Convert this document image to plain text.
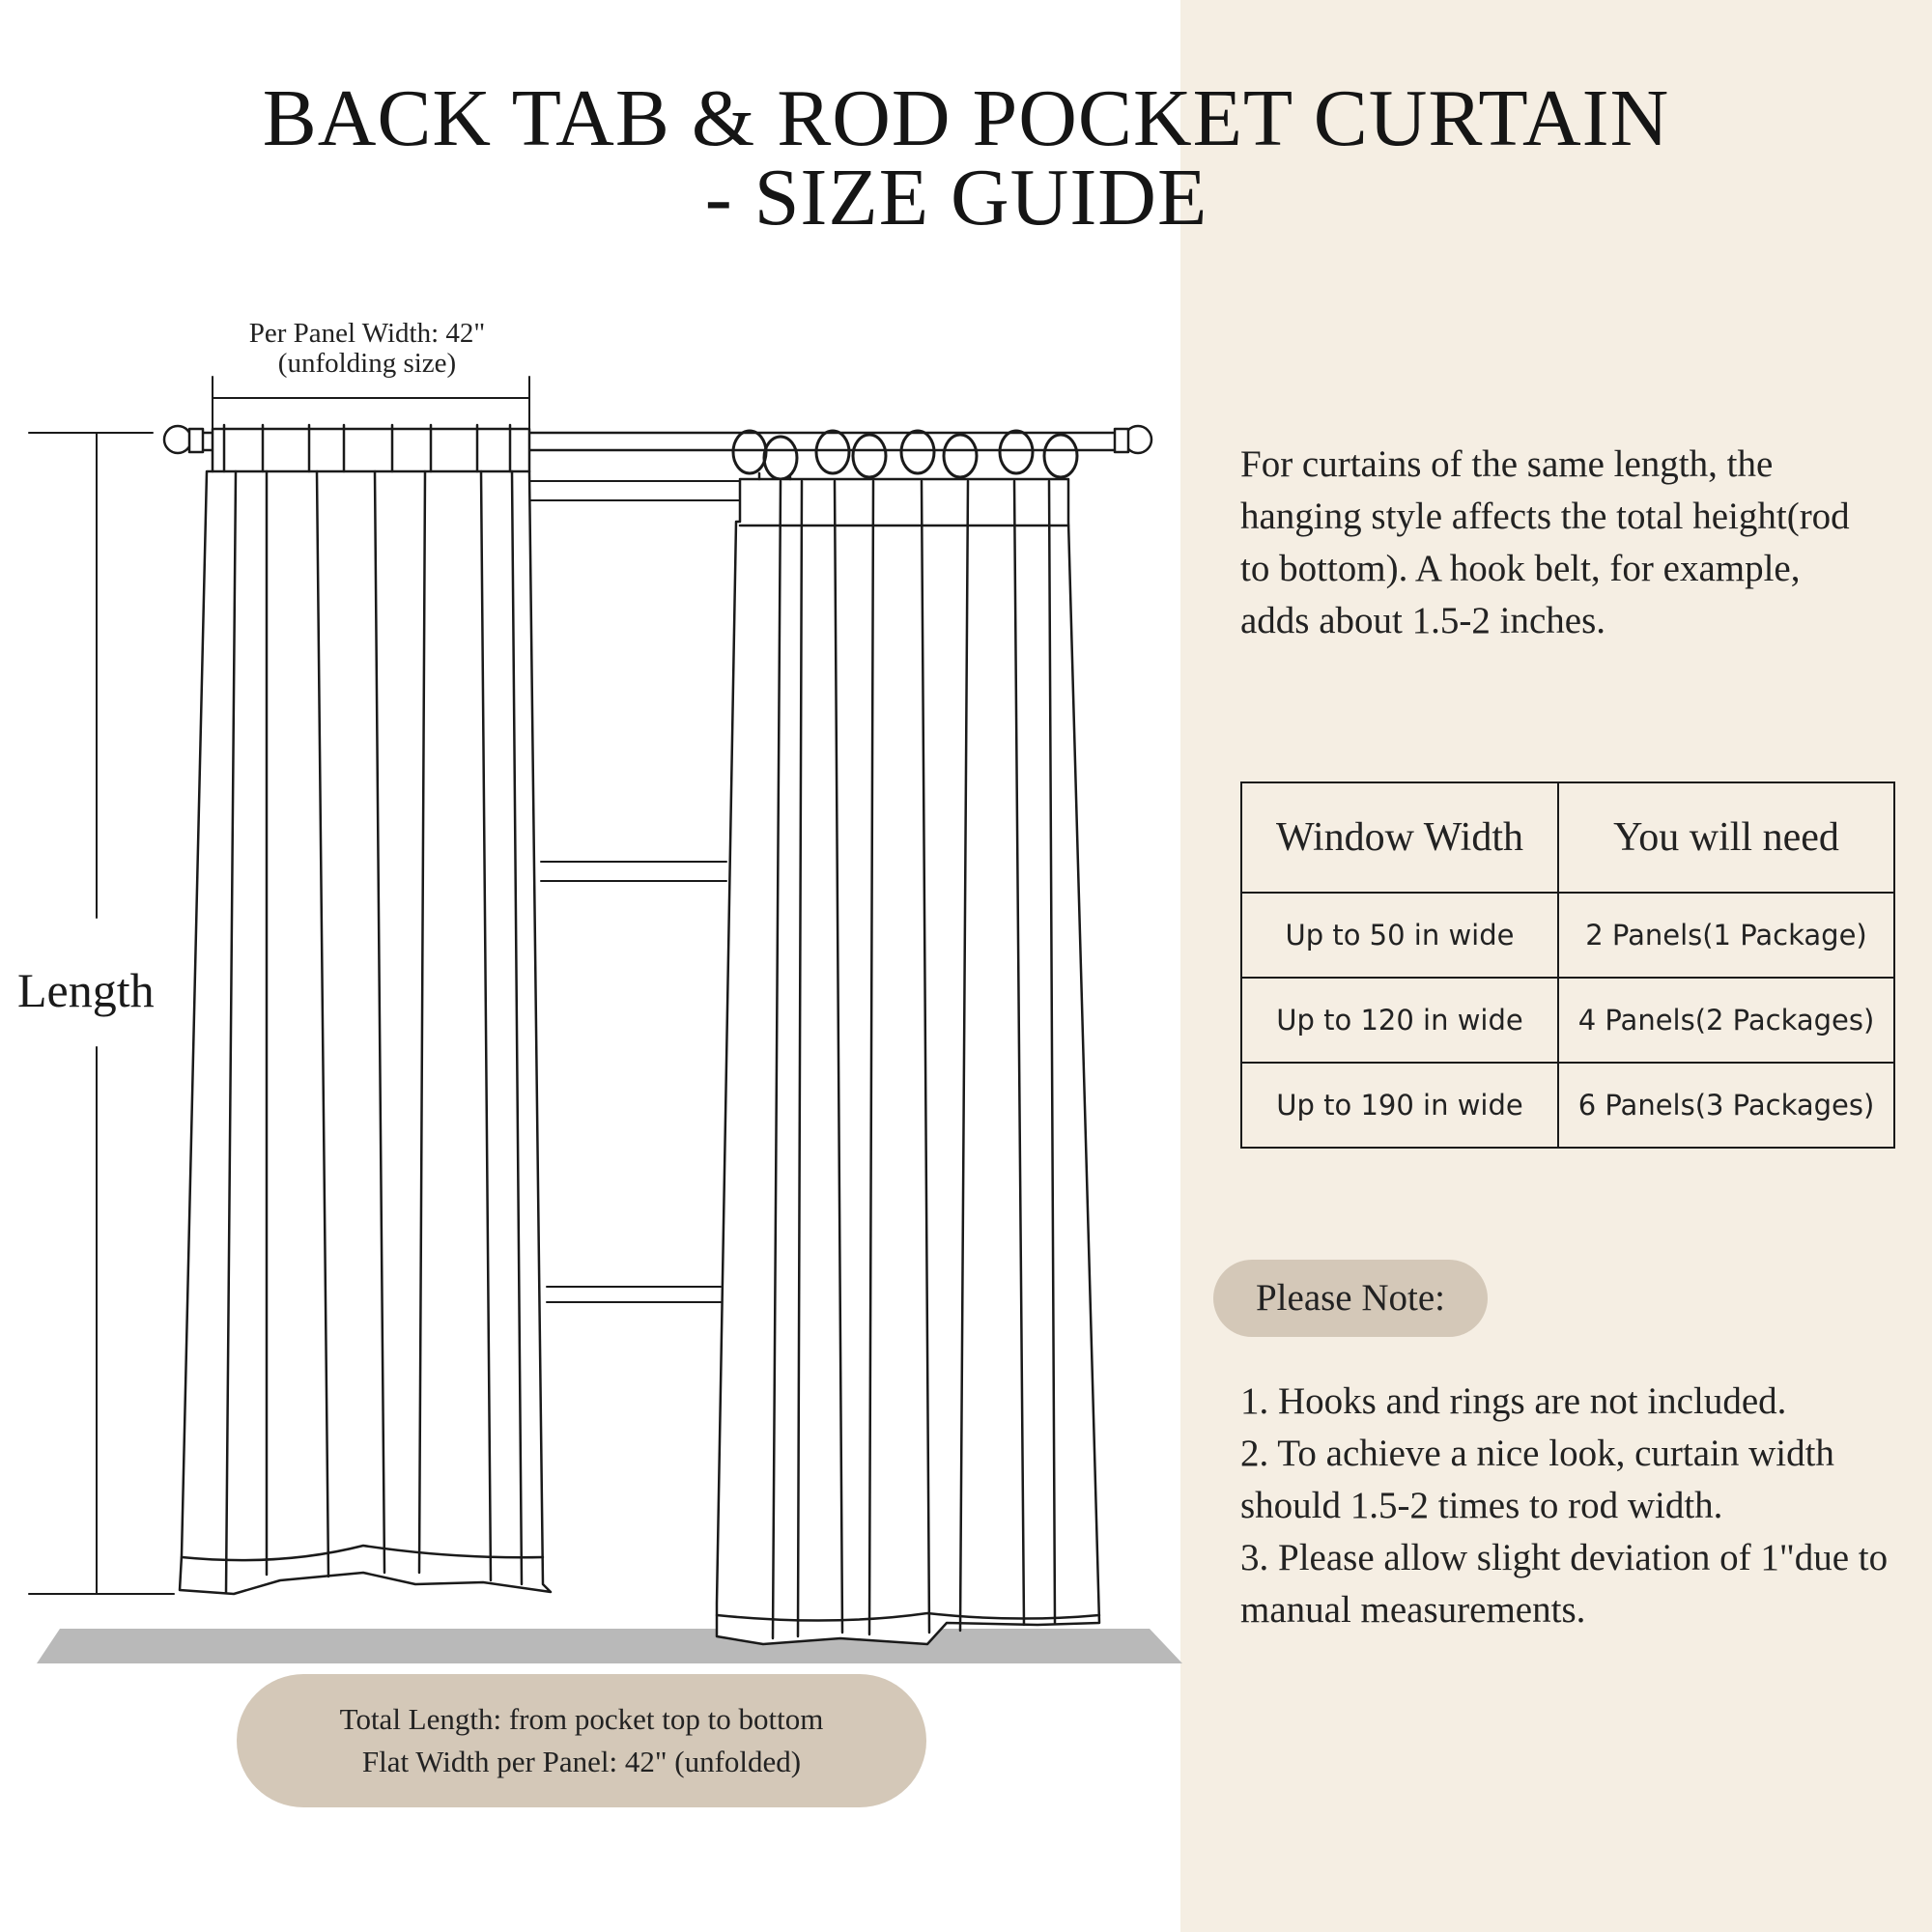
BACK TAB & ROD POCKET CURTAIN
- SIZE GUIDE
Per Panel Width: 42"
(unfolding size)
Length
Total Length: from pocket top to bottom
Flat Width per Panel: 42" (unfolded)

For curtains of the same length, the hanging style affects the total height(rod to bottom). A hook belt, for example, adds about 1.5-2 inches.

Window Width	You will need
Up to 50 in wide	2 Panels(1 Package)
Up to 120 in wide	4 Panels(2 Packages)
Up to 190 in wide	6 Panels(3 Packages)
Please Note:
1. Hooks and rings are not included.
2. To achieve a nice look, curtain width should 1.5-2 times to rod width.
3. Please allow slight deviation of 1"due to manual measurements.
